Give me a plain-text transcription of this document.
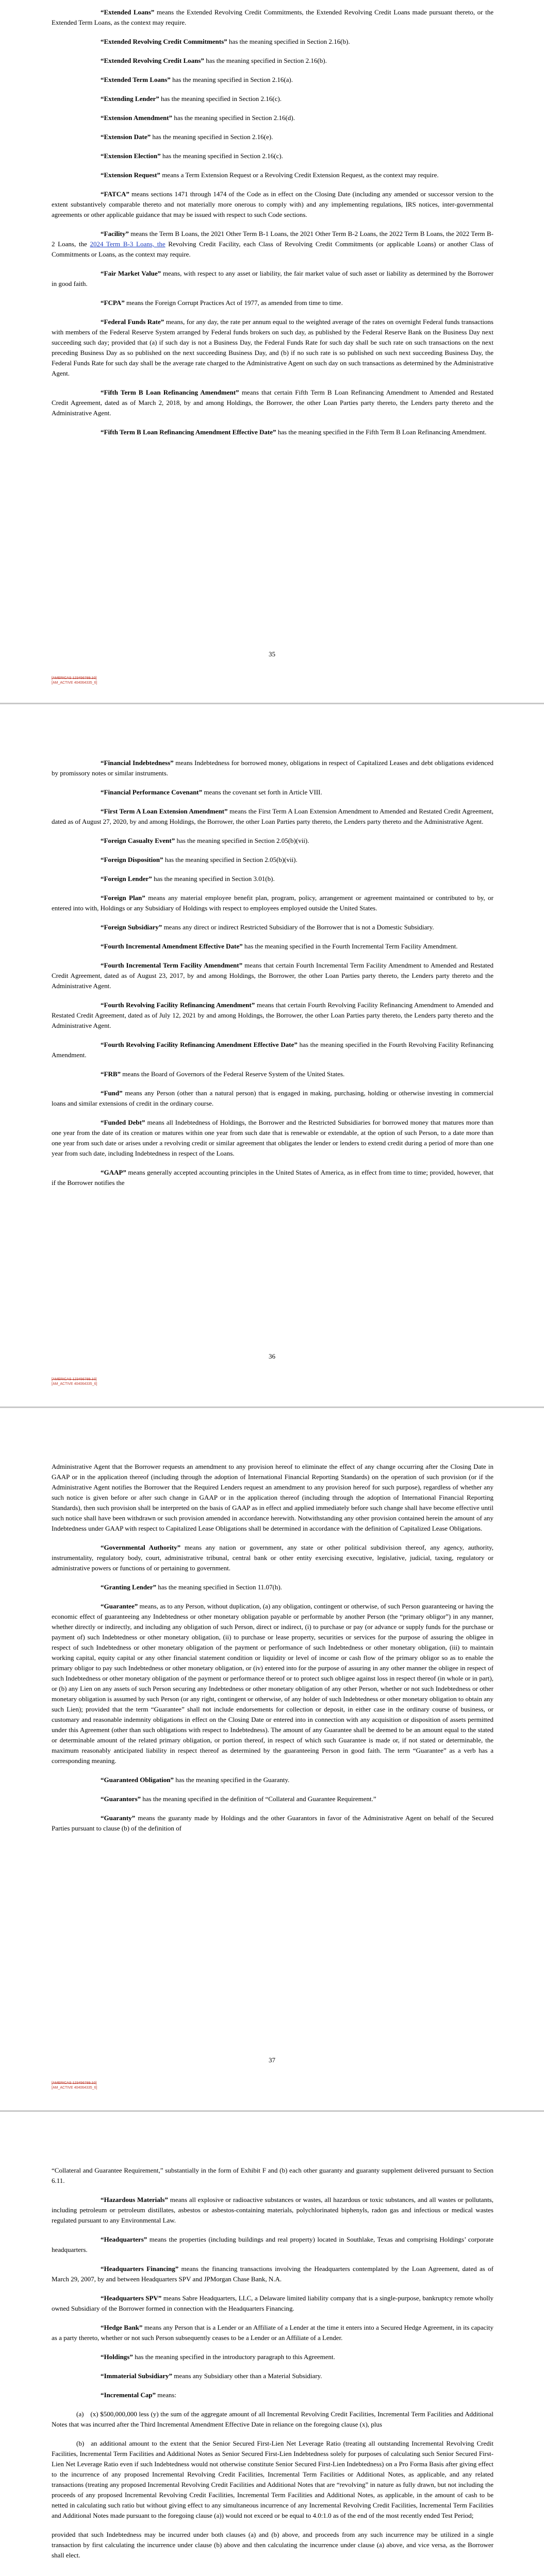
“Extended Loans” means the Extended Revolving Credit Commitments, the Extended Revolving Credit Loans made pursuant thereto, or the Extended Term Loans, as the context may require.

“Extended Revolving Credit Commitments” has the meaning specified in Section 2.16(b).

“Extended Revolving Credit Loans” has the meaning specified in Section 2.16(b).

“Extended Term Loans” has the meaning specified in Section 2.16(a).

“Extending Lender” has the meaning specified in Section 2.16(c).

“Extension Amendment” has the meaning specified in Section 2.16(d).

“Extension Date” has the meaning specified in Section 2.16(e).

“Extension Election” has the meaning specified in Section 2.16(c).

“Extension Request” means a Term Extension Request or a Revolving Credit Extension Request, as the context may require.

“FATCA” means sections 1471 through 1474 of the Code as in effect on the Closing Date (including any amended or successor version to the extent substantively comparable thereto and not materially more onerous to comply with) and any implementing regulations, IRS notices, inter-governmental agreements or other applicable guidance that may be issued with respect to such Code sections.

“Facility” means the Term B Loans, the 2021 Other Term B-1 Loans, the 2021 Other Term B-2 Loans, the 2022 Term B Loans, the 2022 Term B-2 Loans, the 2024 Term B-3 Loans, the Revolving Credit Facility, each Class of Revolving Credit Commitments (or applicable Loans) or another Class of Commitments or Loans, as the context may require.

“Fair Market Value” means, with respect to any asset or liability, the fair market value of such asset or liability as determined by the Borrower in good faith.

“FCPA” means the Foreign Corrupt Practices Act of 1977, as amended from time to time.

“Federal Funds Rate” means, for any day, the rate per annum equal to the weighted average of the rates on overnight Federal funds transactions with members of the Federal Reserve System arranged by Federal funds brokers on such day, as published by the Federal Reserve Bank on the Business Day next succeeding such day; provided that (a) if such day is not a Business Day, the Federal Funds Rate for such day shall be such rate on such transactions on the next preceding Business Day as so published on the next succeeding Business Day, and (b) if no such rate is so published on such next succeeding Business Day, the Federal Funds Rate for such day shall be the average rate charged to the Administrative Agent on such day on such transactions as determined by the Administrative Agent.

“Fifth Term B Loan Refinancing Amendment” means that certain Fifth Term B Loan Refinancing Amendment to Amended and Restated Credit Agreement, dated as of March 2, 2018, by and among Holdings, the Borrower, the other Loan Parties party thereto, the Lenders party thereto and the Administrative Agent.

“Fifth Term B Loan Refinancing Amendment Effective Date” has the meaning specified in the Fifth Term B Loan Refinancing Amendment.

35
[AMERICAS 123456789.10]
[AM_ACTIVE 404064335_6]

“Financial Indebtedness” means Indebtedness for borrowed money, obligations in respect of Capitalized Leases and debt obligations evidenced by promissory notes or similar instruments.

“Financial Performance Covenant” means the covenant set forth in Article VIII.

“First Term A Loan Extension Amendment” means the First Term A Loan Extension Amendment to Amended and Restated Credit Agreement, dated as of August 27, 2020, by and among Holdings, the Borrower, the other Loan Parties party thereto, the Lenders party thereto and the Administrative Agent.

“Foreign Casualty Event” has the meaning specified in Section 2.05(b)(vii).

“Foreign Disposition” has the meaning specified in Section 2.05(b)(vii).

“Foreign Lender” has the meaning specified in Section 3.01(b).

“Foreign Plan” means any material employee benefit plan, program, policy, arrangement or agreement maintained or contributed to by, or entered into with, Holdings or any Subsidiary of Holdings with respect to employees employed outside the United States.

“Foreign Subsidiary” means any direct or indirect Restricted Subsidiary of the Borrower that is not a Domestic Subsidiary.

“Fourth Incremental Amendment Effective Date” has the meaning specified in the Fourth Incremental Term Facility Amendment.

“Fourth Incremental Term Facility Amendment” means that certain Fourth Incremental Term Facility Amendment to Amended and Restated Credit Agreement, dated as of August 23, 2017, by and among Holdings, the Borrower, the other Loan Parties party thereto, the Lenders party thereto and the Administrative Agent.

“Fourth Revolving Facility Refinancing Amendment” means that certain Fourth Revolving Facility Refinancing Amendment to Amended and Restated Credit Agreement, dated as of July 12, 2021 by and among Holdings, the Borrower, the other Loan Parties party thereto, the Lenders party thereto and the Administrative Agent.

“Fourth Revolving Facility Refinancing Amendment Effective Date” has the meaning specified in the Fourth Revolving Facility Refinancing Amendment.

“FRB” means the Board of Governors of the Federal Reserve System of the United States.

“Fund” means any Person (other than a natural person) that is engaged in making, purchasing, holding or otherwise investing in commercial loans and similar extensions of credit in the ordinary course.

“Funded Debt” means all Indebtedness of Holdings, the Borrower and the Restricted Subsidiaries for borrowed money that matures more than one year from the date of its creation or matures within one year from such date that is renewable or extendable, at the option of such Person, to a date more than one year from such date or arises under a revolving credit or similar agreement that obligates the lender or lenders to extend credit during a period of more than one year from such date, including Indebtedness in respect of the Loans.

“GAAP” means generally accepted accounting principles in the United States of America, as in effect from time to time; provided, however, that if the Borrower notifies the

36
[AMERICAS 123456789.10]
[AM_ACTIVE 404064335_6]

Administrative Agent that the Borrower requests an amendment to any provision hereof to eliminate the effect of any change occurring after the Closing Date in GAAP or in the application thereof (including through the adoption of International Financial Reporting Standards) on the operation of such provision (or if the Administrative Agent notifies the Borrower that the Required Lenders request an amendment to any provision hereof for such purpose), regardless of whether any such notice is given before or after such change in GAAP or in the application thereof (including through the adoption of International Financial Reporting Standards), then such provision shall be interpreted on the basis of GAAP as in effect and applied immediately before such change shall have become effective until such notice shall have been withdrawn or such provision amended in accordance herewith. Notwithstanding any other provision contained herein the amount of any Indebtedness under GAAP with respect to Capitalized Lease Obligations shall be determined in accordance with the definition of Capitalized Lease Obligations.

“Governmental Authority” means any nation or government, any state or other political subdivision thereof, any agency, authority, instrumentality, regulatory body, court, administrative tribunal, central bank or other entity exercising executive, legislative, judicial, taxing, regulatory or administrative powers or functions of or pertaining to government.

“Granting Lender” has the meaning specified in Section 11.07(h).

“Guarantee” means, as to any Person, without duplication, (a) any obligation, contingent or otherwise, of such Person guaranteeing or having the economic effect of guaranteeing any Indebtedness or other monetary obligation payable or performable by another Person (the “primary obligor”) in any manner, whether directly or indirectly, and including any obligation of such Person, direct or indirect, (i) to purchase or pay (or advance or supply funds for the purchase or payment of) such Indebtedness or other monetary obligation, (ii) to purchase or lease property, securities or services for the purpose of assuring the obligee in respect of such Indebtedness or other monetary obligation of the payment or performance of such Indebtedness or other monetary obligation, (iii) to maintain working capital, equity capital or any other financial statement condition or liquidity or level of income or cash flow of the primary obligor so as to enable the primary obligor to pay such Indebtedness or other monetary obligation, or (iv) entered into for the purpose of assuring in any other manner the obligee in respect of such Indebtedness or other monetary obligation of the payment or performance thereof or to protect such obligee against loss in respect thereof (in whole or in part), or (b) any Lien on any assets of such Person securing any Indebtedness or other monetary obligation of any other Person, whether or not such Indebtedness or other monetary obligation is assumed by such Person (or any right, contingent or otherwise, of any holder of such Indebtedness or other monetary obligation to obtain any such Lien); provided that the term “Guarantee” shall not include endorsements for collection or deposit, in either case in the ordinary course of business, or customary and reasonable indemnity obligations in effect on the Closing Date or entered into in connection with any acquisition or disposition of assets permitted under this Agreement (other than such obligations with respect to Indebtedness). The amount of any Guarantee shall be deemed to be an amount equal to the stated or determinable amount of the related primary obligation, or portion thereof, in respect of which such Guarantee is made or, if not stated or determinable, the maximum reasonably anticipated liability in respect thereof as determined by the guaranteeing Person in good faith. The term “Guarantee” as a verb has a corresponding meaning.

“Guaranteed Obligation” has the meaning specified in the Guaranty.

“Guarantors” has the meaning specified in the definition of “Collateral and Guarantee Requirement.”

“Guaranty” means the guaranty made by Holdings and the other Guarantors in favor of the Administrative Agent on behalf of the Secured Parties pursuant to clause (b) of the definition of

37
[AMERICAS 123456789.10]
[AM_ACTIVE 404064335_6]

“Collateral and Guarantee Requirement,” substantially in the form of Exhibit F and (b) each other guaranty and guaranty supplement delivered pursuant to Section 6.11.

“Hazardous Materials” means all explosive or radioactive substances or wastes, all hazardous or toxic substances, and all wastes or pollutants, including petroleum or petroleum distillates, asbestos or asbestos-containing materials, polychlorinated biphenyls, radon gas and infectious or medical wastes regulated pursuant to any Environmental Law.

“Headquarters” means the properties (including buildings and real property) located in Southlake, Texas and comprising Holdings’ corporate headquarters.

“Headquarters Financing” means the financing transactions involving the Headquarters contemplated by the Loan Agreement, dated as of March 29, 2007, by and between Headquarters SPV and JPMorgan Chase Bank, N.A.

“Headquarters SPV” means Sabre Headquarters, LLC, a Delaware limited liability company that is a single-purpose, bankruptcy remote wholly owned Subsidiary of the Borrower formed in connection with the Headquarters Financing.

“Hedge Bank” means any Person that is a Lender or an Affiliate of a Lender at the time it enters into a Secured Hedge Agreement, in its capacity as a party thereto, whether or not such Person subsequently ceases to be a Lender or an Affiliate of a Lender.

“Holdings” has the meaning specified in the introductory paragraph to this Agreement.

“Immaterial Subsidiary” means any Subsidiary other than a Material Subsidiary.

“Incremental Cap” means:

(a) (x) $500,000,000 less (y) the sum of the aggregate amount of all Incremental Revolving Credit Facilities, Incremental Term Facilities and Additional Notes that was incurred after the Third Incremental Amendment Effective Date in reliance on the foregoing clause (x), plus

(b) an additional amount to the extent that the Senior Secured First-Lien Net Leverage Ratio (treating all outstanding Incremental Revolving Credit Facilities, Incremental Term Facilities and Additional Notes as Senior Secured First-Lien Indebtedness solely for purposes of calculating such Senior Secured First-Lien Net Leverage Ratio even if such Indebtedness would not otherwise constitute Senior Secured First-Lien Indebtedness) on a Pro Forma Basis after giving effect to the incurrence of any proposed Incremental Revolving Credit Facilities, Incremental Term Facilities or Additional Notes, as applicable, and any related transactions (treating any proposed Incremental Revolving Credit Facilities and Additional Notes that are “revolving” in nature as fully drawn, but not including the proceeds of any proposed Incremental Revolving Credit Facilities, Incremental Term Facilities and Additional Notes, as applicable, in the amount of cash to be netted in calculating such ratio but without giving effect to any simultaneous incurrence of any Incremental Revolving Credit Facilities, Incremental Term Facilities and Additional Notes made pursuant to the foregoing clause (a)) would not exceed or be equal to 4.0:1.0 as of the end of the most recently ended Test Period;

provided that such Indebtedness may be incurred under both clauses (a) and (b) above, and proceeds from any such incurrence may be utilized in a single transaction by first calculating the incurrence under clause (b) above and then calculating the incurrence under clause (a) above, and vice versa, as the Borrower shall elect.
